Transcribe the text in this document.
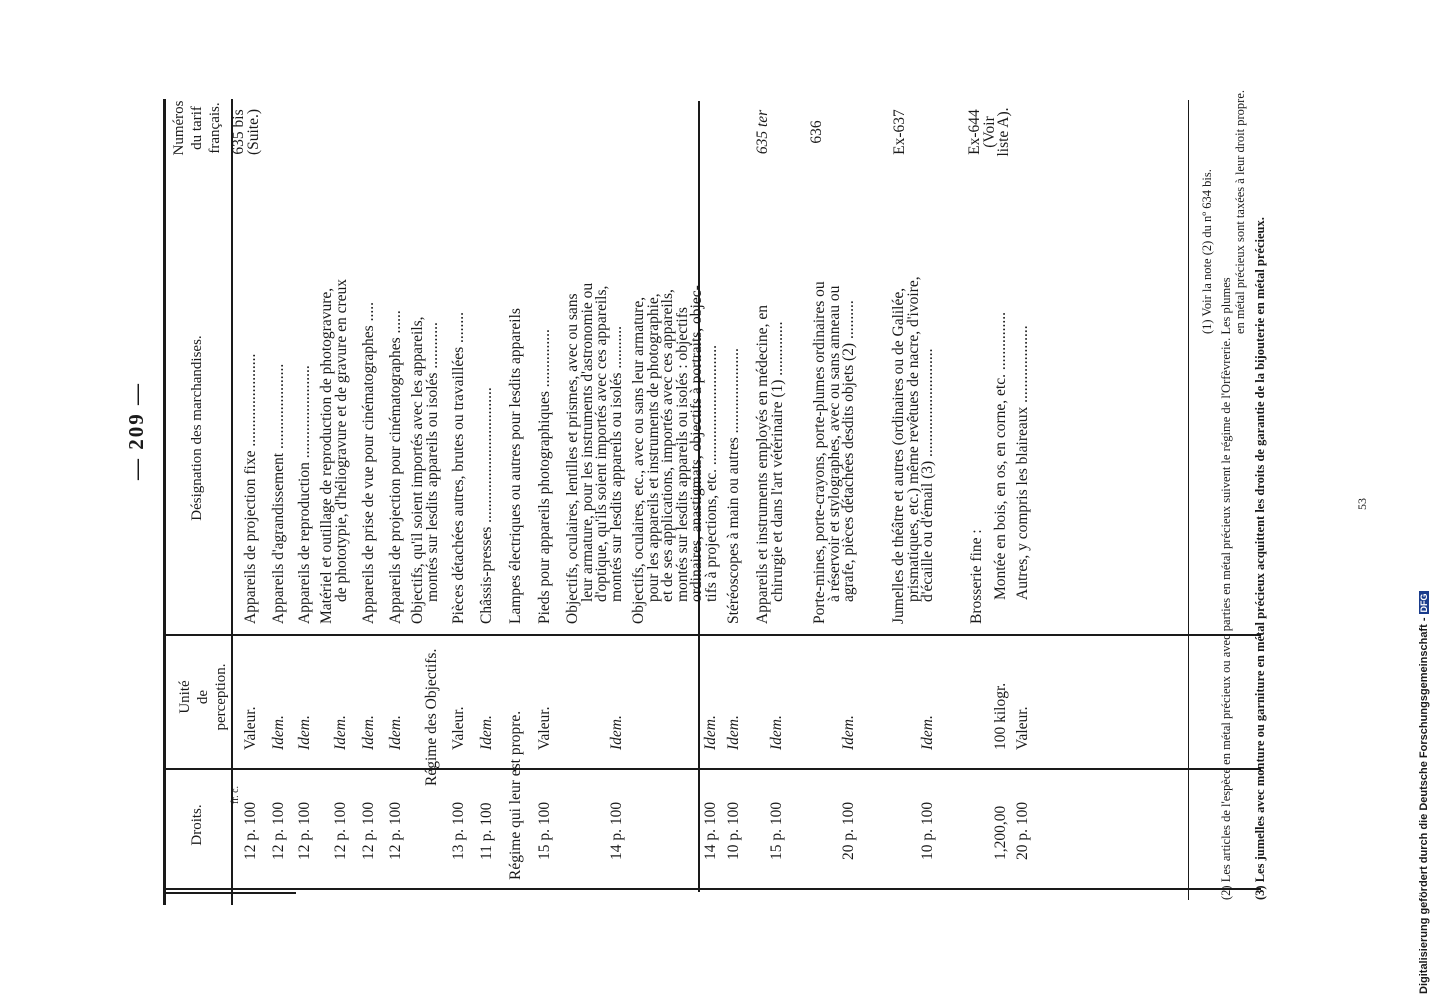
— 209 —
Numéros du tarif français.
Désignation des marchandises.
Unité de perception.
Droits.
fr. c.
635 bis
(Suite.)
Appareils de projection fixe ........................
Valeur.
12 p. 100
Appareils d'agrandissement ......................
Idem.
12 p. 100
Appareils de reproduction ........................
Idem.
12 p. 100
Matériel et outillage de reproduction de photogravure,
de phototypie, d'héliogravure et de gravure en creux
Idem.
12 p. 100
Appareils de prise de vue pour cinématographes .....
Idem.
12 p. 100
Appareils de projection pour cinématographes ......
Idem.
12 p. 100
Objectifs, qu'il soient importés avec les appareils,
montés sur lesdits appareils ou isolés ............
Régime des Objectifs.
Pièces détachées autres, brutes ou travaillées ........
Valeur.
13 p. 100
Châssis-presses ...................................
Idem.
11 p. 100
Lampes électriques ou autres pour lesdits appareils
Régime qui leur est propre.
Pieds pour appareils photographiques ...............
Valeur.
15 p. 100
Objectifs, oculaires, lentilles et prismes, avec ou sans
leur armature, pour les instruments d'astronomie ou
d'optique, qu'ils soient importés avec ces appareils,
montés sur lesdits appareils ou isolés ...........
Idem.
14 p. 100
Objectifs, oculaires, etc., avec ou sans leur armature,
pour les appareils et instruments de photographie,
et de ses applications, importés avec ces appareils,
montés sur lesdits appareils ou isolés : objectifs
ordinaires, anastigmats, objectifs à portraits, objec-
tifs à projections, etc. ...............................
Idem.
14 p. 100
Stéréoscopes à main ou autres ......................
Idem.
10 p. 100
635 ter
Appareils et instruments employés en médecine, en
chirurgie et dans l'art vétérinaire (1) ..............
Idem.
15 p. 100
636
Porte-mines, porte-crayons, porte-plumes ordinaires ou
à réservoir et stylographes, avec ou sans anneau ou
agrafe, pièces détachées desdits objets (2) ..........
Idem.
20 p. 100
Ex-637
Jumelles de théâtre et autres (ordinaires ou de Galilée,
prismatiques, etc.) même revêtues de nacre, d'ivoire,
d'écaille ou d'émail (3) ............................
Idem.
10 p. 100
Ex-644
(Voir
liste A).
Brosserie fine : Montée en bois, en os, en corne, etc. ...............
100 kilogr.
1,200,00
Autres, y compris les blaireaux ....................
Valeur.
20 p. 100
(1) Voir la note (2) du nº 634 bis.
(2) Les articles de l'espèce en métal précieux ou avec parties en métal précieux suivent le régime de l'Orfèvrerie. Les plumes
en métal précieux sont taxées à leur droit propre.
(3) Les jumelles avec monture ou garniture en métal précieux acquittent les droits de garantie de la bijouterie en métal précieux.	53
Digitalisierung gefördert durch die Deutsche Forschungsgemeinschaft -DFG
